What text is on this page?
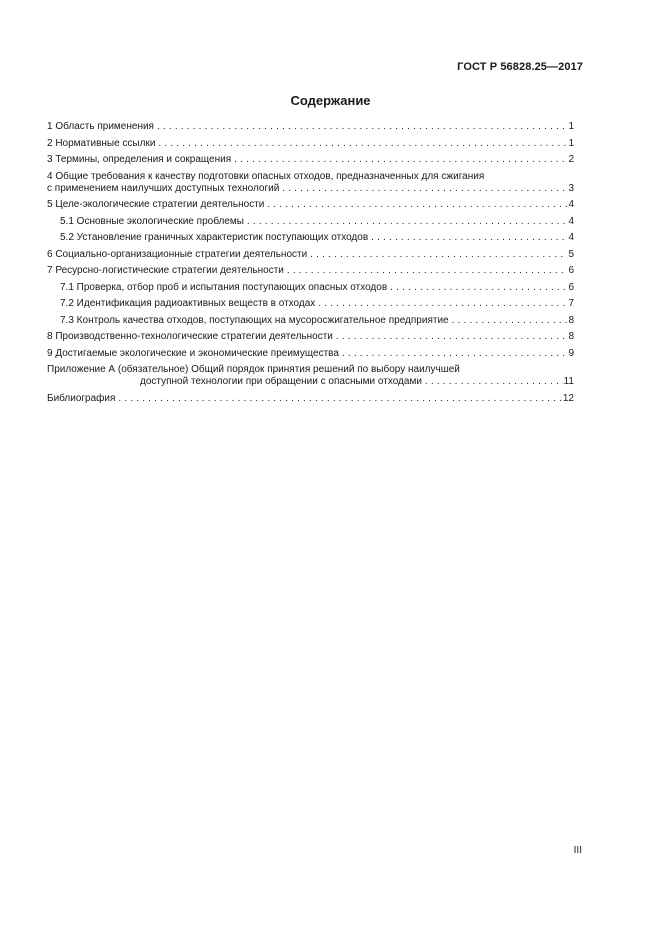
ГОСТ Р 56828.25—2017
Содержание
1 Область применения . . .	1
2 Нормативные ссылки . . .	1
3 Термины, определения и сокращения . . .	2
4 Общие требования к качеству подготовки опасных отходов, предназначенных для сжигания
с применением наилучших доступных технологий . . .	3
5 Целе-экологические стратегии деятельности . . .	4
5.1 Основные экологические проблемы . . .	4
5.2 Установление граничных характеристик поступающих отходов . . .	4
6 Социально-организационные стратегии деятельности . . .	5
7 Ресурсно-логистические стратегии деятельности . . .	6
7.1 Проверка, отбор проб и испытания поступающих опасных отходов . . .	6
7.2 Идентификация радиоактивных веществ в отходах . . .	7
7.3 Контроль качества отходов, поступающих на мусоросжигательное предприятие . . .	8
8 Производственно-технологические стратегии деятельности . . .	8
9 Достигаемые экологические и экономические преимущества . . .	9
Приложение А (обязательное) Общий порядок принятия решений по выбору наилучшей
доступной технологии при обращении с опасными отходами . . .	11
Библиография . . .	12
III
